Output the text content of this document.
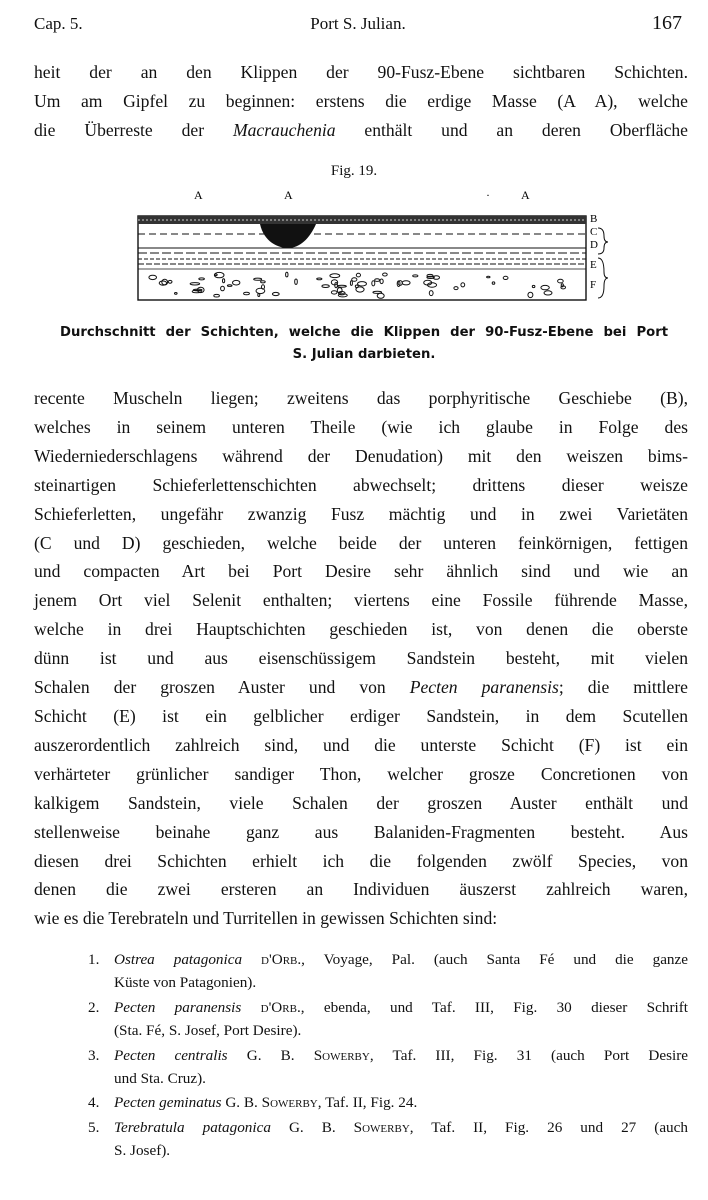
Cap. 5.	Port S. Julian.	167
heit der an den Klippen der 90-Fusz-Ebene sichtbaren Schichten.
Um am Gipfel zu beginnen: erstens die erdige Masse (A A), welche
die Überreste der Macrauchenia enthält und an deren Oberfläche
Fig. 19.
A	A	·	A
B
C
D
E
F
Durchschnitt der Schichten, welche die Klippen der 90-Fusz-Ebene bei Port
S. Julian darbieten.
recente Muscheln liegen; zweitens das porphyritische Geschiebe (B),
welches in seinem unteren Theile (wie ich glaube in Folge des
Wiederniederschlagens während der Denudation) mit den weiszen bims-
steinartigen Schieferlettenschichten abwechselt; drittens dieser weisze
Schieferletten, ungefähr zwanzig Fusz mächtig und in zwei Varietäten
(C und D) geschieden, welche beide der unteren feinkörnigen, fettigen
und compacten Art bei Port Desire sehr ähnlich sind und wie an
jenem Ort viel Selenit enthalten; viertens eine Fossile führende Masse,
welche in drei Hauptschichten geschieden ist, von denen die oberste
dünn ist und aus eisenschüssigem Sandstein besteht, mit vielen
Schalen der groszen Auster und von Pecten paranensis; die mittlere
Schicht (E) ist ein gelblicher erdiger Sandstein, in dem Scutellen
auszerordentlich zahlreich sind, und die unterste Schicht (F) ist ein
verhärteter grünlicher sandiger Thon, welcher grosze Concretionen von
kalkigem Sandstein, viele Schalen der groszen Auster enthält und
stellenweise beinahe ganz aus Balaniden-Fragmenten besteht. Aus
diesen drei Schichten erhielt ich die folgenden zwölf Species, von
denen die zwei ersteren an Individuen äuszerst zahlreich waren,
wie es die Terebrateln und Turritellen in gewissen Schichten sind:
1. Ostrea patagonica d'Orb., Voyage, Pal. (auch Santa Fé und die ganze
Küste von Patagonien).
2. Pecten paranensis d'Orb., ebenda, und Taf. III, Fig. 30 dieser Schrift
(Sta. Fé, S. Josef, Port Desire).
3. Pecten centralis G. B. Sowerby, Taf. III, Fig. 31 (auch Port Desire
und Sta. Cruz).
4. Pecten geminatus G. B. Sowerby, Taf. II, Fig. 24.
5. Terebratula patagonica G. B. Sowerby, Taf. II, Fig. 26 und 27 (auch
S. Josef).
